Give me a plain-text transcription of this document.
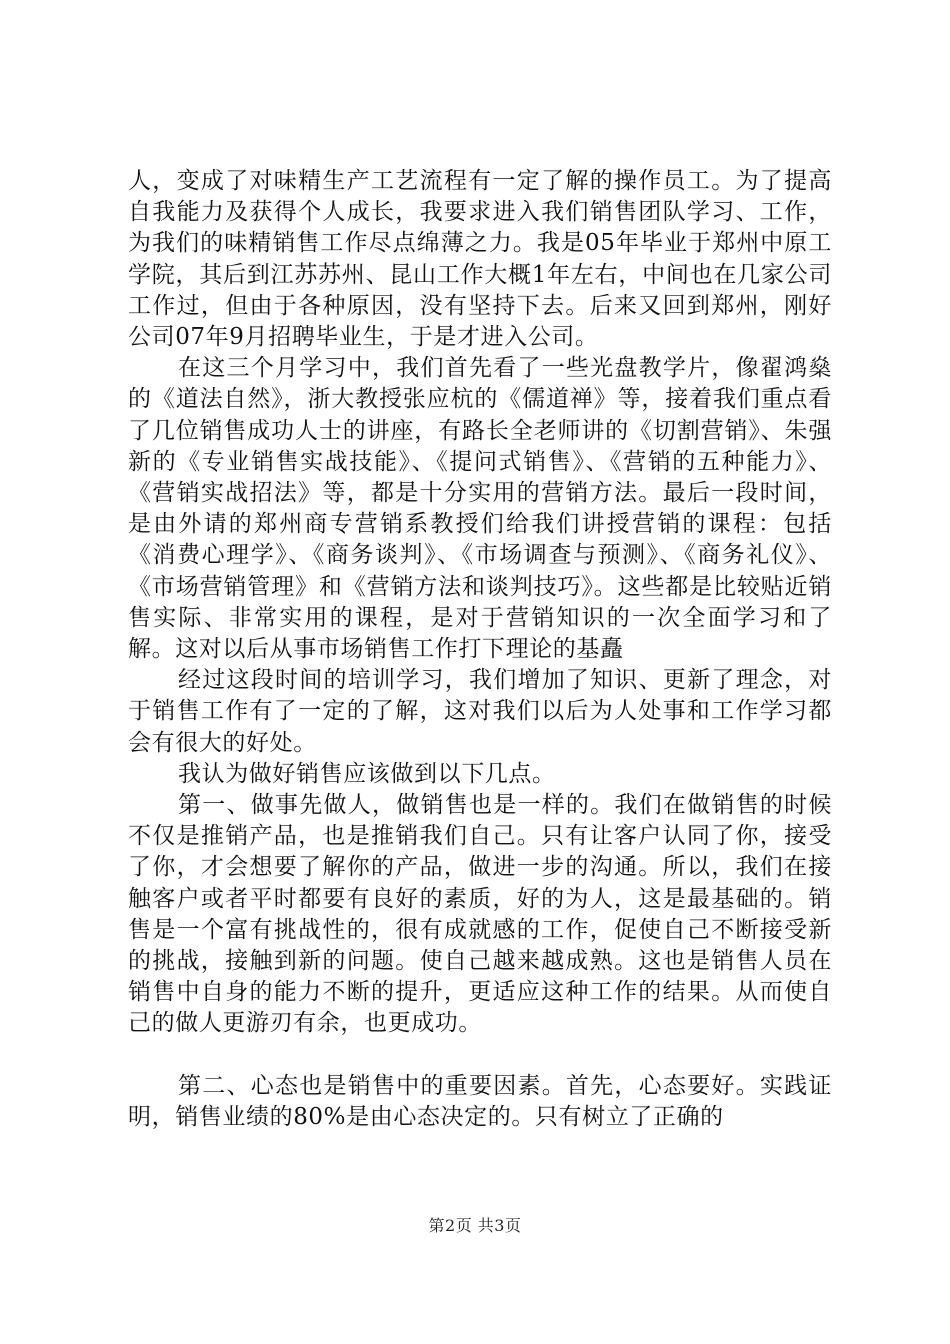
人，变成了对味精生产工艺流程有一定了解的操作员工。为了提高自我能力及获得个人成长，我要求进入我们销售团队学习、工作，为我们的味精销售工作尽点绵薄之力。我是05年毕业于郑州中原工学院，其后到江苏苏州、昆山工作大概1年左右，中间也在几家公司工作过，但由于各种原因，没有坚持下去。后来又回到郑州，刚好公司07年9月招聘毕业生，于是才进入公司。

在这三个月学习中，我们首先看了一些光盘教学片，像翟鸿燊的《道法自然》，浙大教授张应杭的《儒道禅》等，接着我们重点看了几位销售成功人士的讲座，有路长全老师讲的《切割营销》、朱强新的《专业销售实战技能》、《提问式销售》、《营销的五种能力》、《营销实战招法》等，都是十分实用的营销方法。最后一段时间，是由外请的郑州商专营销系教授们给我们讲授营销的课程：包括《消费心理学》、《商务谈判》、《市场调查与预测》、《商务礼仪》、《市场营销管理》和《营销方法和谈判技巧》。这些都是比较贴近销售实际、非常实用的课程，是对于营销知识的一次全面学习和了解。这对以后从事市场销售工作打下理论的基矗

经过这段时间的培训学习，我们增加了知识、更新了理念，对于销售工作有了一定的了解，这对我们以后为人处事和工作学习都会有很大的好处。

我认为做好销售应该做到以下几点。

第一、做事先做人，做销售也是一样的。我们在做销售的时候不仅是推销产品，也是推销我们自己。只有让客户认同了你，接受了你，才会想要了解你的产品，做进一步的沟通。所以，我们在接触客户或者平时都要有良好的素质，好的为人，这是最基础的。销售是一个富有挑战性的，很有成就感的工作，促使自己不断接受新的挑战，接触到新的问题。使自己越来越成熟。这也是销售人员在销售中自身的能力不断的提升，更适应这种工作的结果。从而使自己的做人更游刃有余，也更成功。

第二、心态也是销售中的重要因素。首先，心态要好。实践证明，销售业绩的80%是由心态决定的。只有树立了正确的

第2页 共3页
